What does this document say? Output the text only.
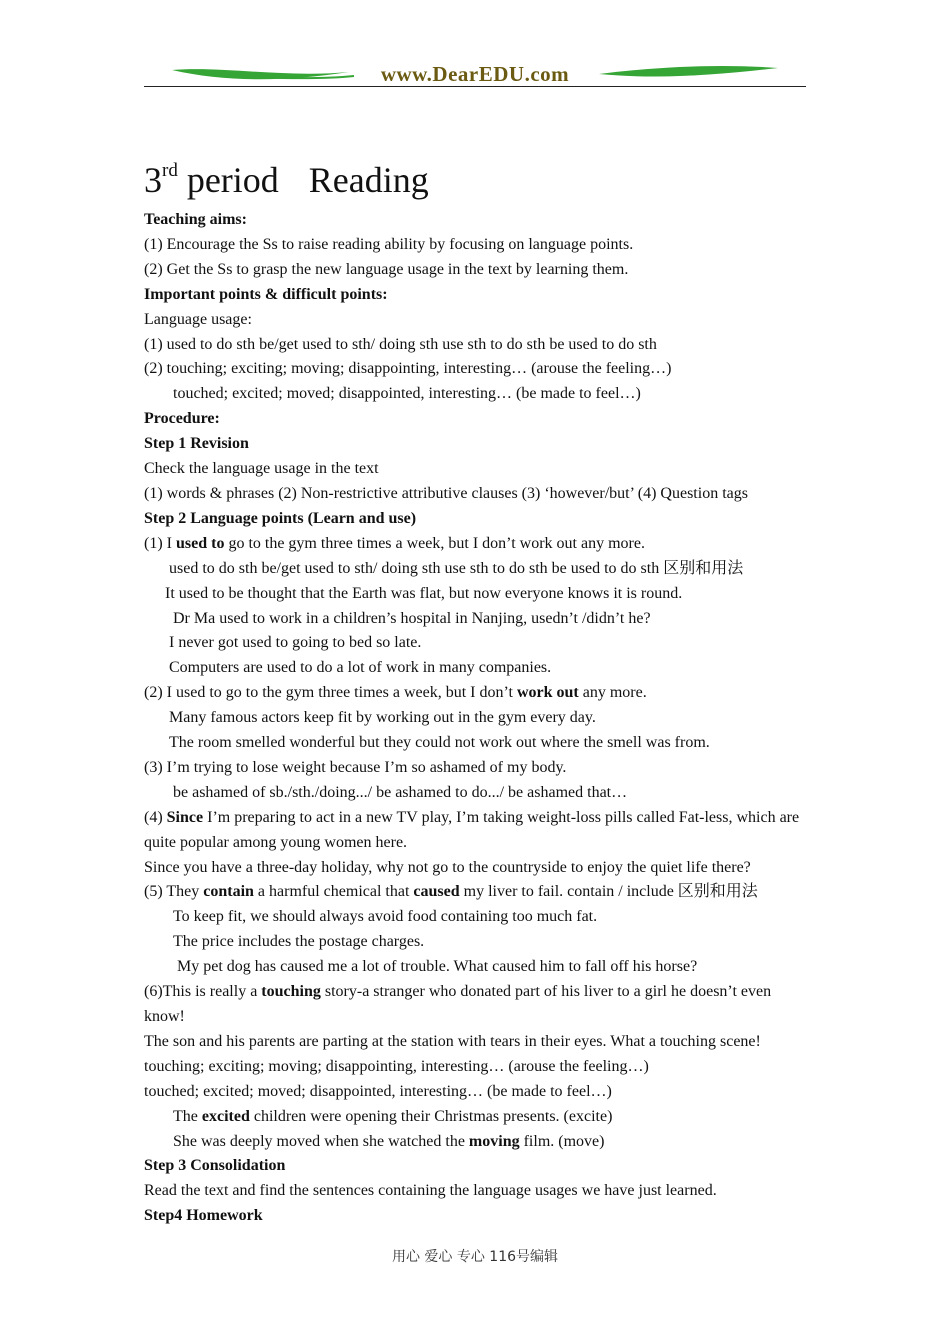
www.DearEDU.com
3rd period Reading
Teaching aims:
(1) Encourage the Ss to raise reading ability by focusing on language points.
(2) Get the Ss to grasp the new language usage in the text by learning them.
Important points & difficult points:
Language usage:
(1) used to do sth be/get used to sth/ doing sth use sth to do sth be used to do sth
(2) touching; exciting; moving; disappointing, interesting… (arouse the feeling…)
touched; excited; moved; disappointed, interesting… (be made to feel…)
Procedure:
Step 1 Revision
Check the language usage in the text
(1) words & phrases (2) Non-restrictive attributive clauses (3) ‘however/but’ (4) Question tags
Step 2 Language points (Learn and use)
(1) I used to go to the gym three times a week, but I don’t work out any more.
used to do sth be/get used to sth/ doing sth use sth to do sth be used to do sth 区别和用法
It used to be thought that the Earth was flat, but now everyone knows it is round.
Dr Ma used to work in a children’s hospital in Nanjing, usedn’t /didn’t he?
I never got used to going to bed so late.
Computers are used to do a lot of work in many companies.
(2) I used to go to the gym three times a week, but I don’t work out any more.
Many famous actors keep fit by working out in the gym every day.
The room smelled wonderful but they could not work out where the smell was from.
(3) I’m trying to lose weight because I’m so ashamed of my body.
be ashamed of sb./sth./doing.../ be ashamed to do.../ be ashamed that…
(4) Since I’m preparing to act in a new TV play, I’m taking weight-loss pills called Fat-less, which are quite popular among young women here.
Since you have a three-day holiday, why not go to the countryside to enjoy the quiet life there?
(5) They contain a harmful chemical that caused my liver to fail. contain / include 区别和用法
To keep fit, we should always avoid food containing too much fat.
The price includes the postage charges.
My pet dog has caused me a lot of trouble. What caused him to fall off his horse?
(6)This is really a touching story-a stranger who donated part of his liver to a girl he doesn’t even know!
The son and his parents are parting at the station with tears in their eyes. What a touching scene!
touching; exciting; moving; disappointing, interesting… (arouse the feeling…)
touched; excited; moved; disappointed, interesting… (be made to feel…)
The excited children were opening their Christmas presents. (excite)
She was deeply moved when she watched the moving film. (move)
Step 3 Consolidation
Read the text and find the sentences containing the language usages we have just learned.
Step4 Homework
用心 爱心 专心 116号编辑
